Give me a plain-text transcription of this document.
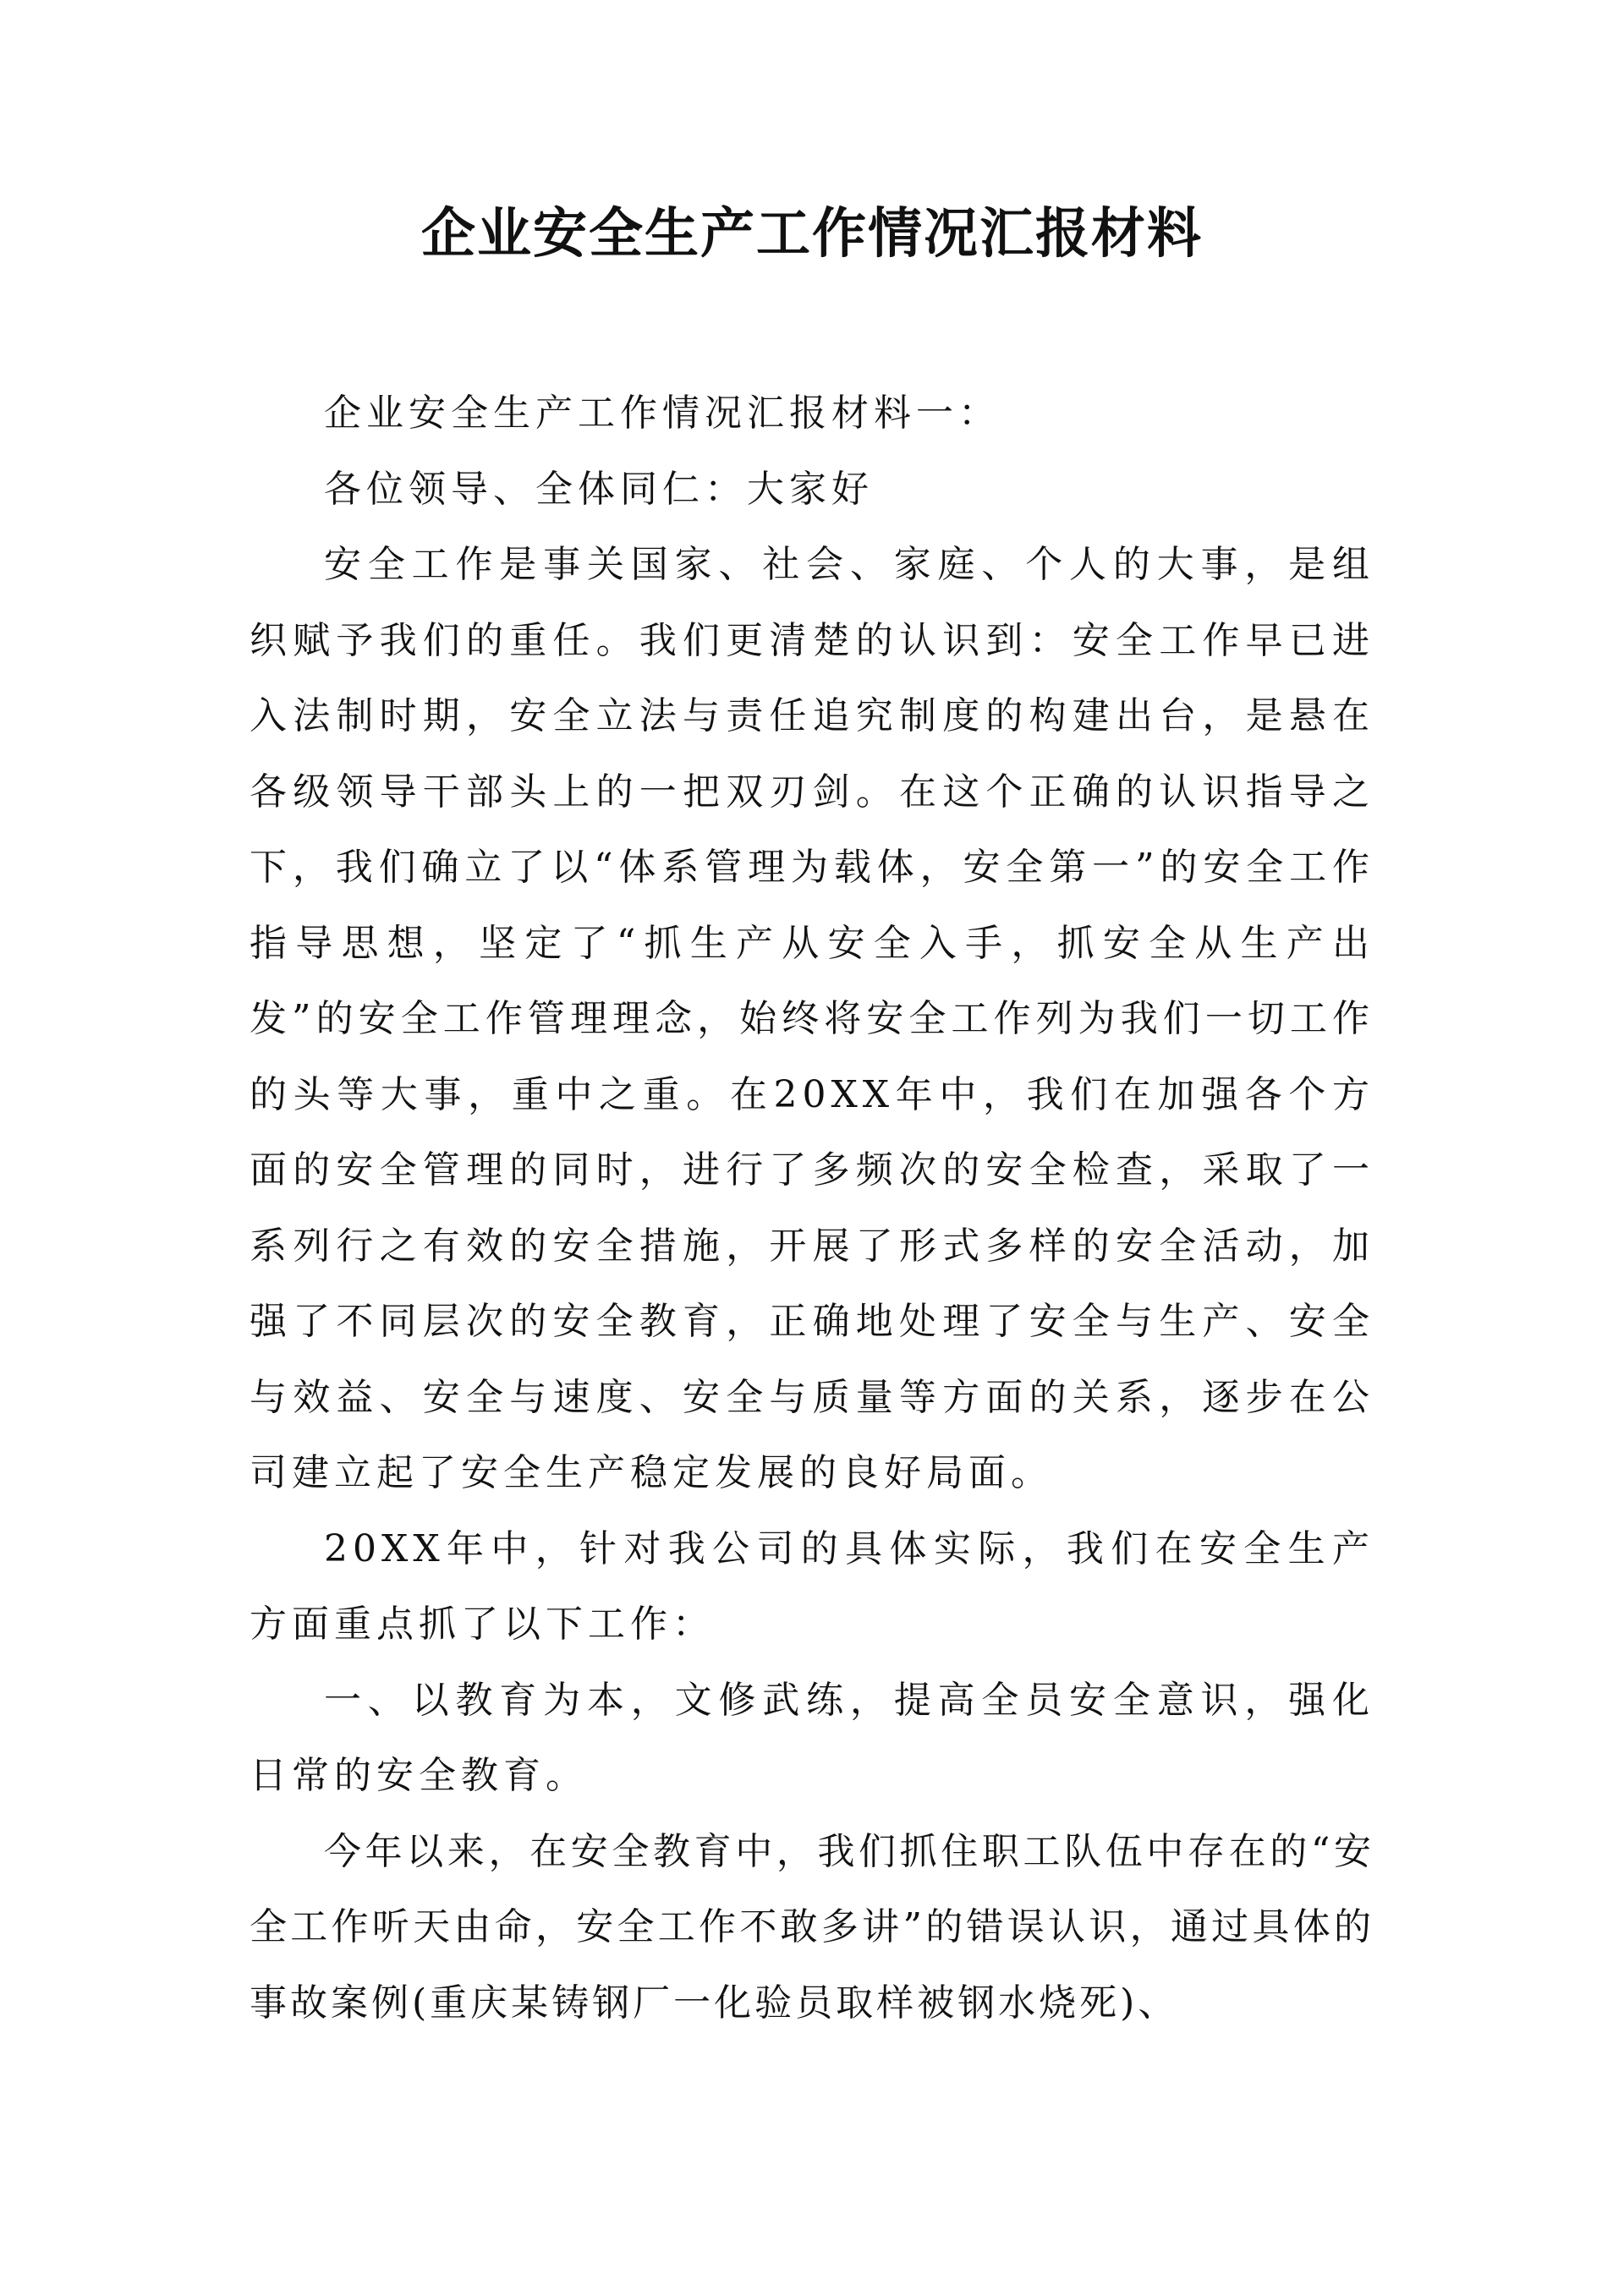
企业安全生产工作情况汇报材料

企业安全生产工作情况汇报材料一：

各位领导、全体同仁：大家好

安全工作是事关国家、社会、家庭、个人的大事，是组织赋予我们的重任。我们更清楚的认识到：安全工作早已进入法制时期，安全立法与责任追究制度的构建出台，是悬在各级领导干部头上的一把双刃剑。在这个正确的认识指导之下，我们确立了以“体系管理为载体，安全第一”的安全工作指导思想，坚定了“抓生产从安全入手，抓安全从生产出发”的安全工作管理理念，始终将安全工作列为我们一切工作的头等大事，重中之重。在20XX年中，我们在加强各个方面的安全管理的同时，进行了多频次的安全检查，采取了一系列行之有效的安全措施，开展了形式多样的安全活动，加强了不同层次的安全教育，正确地处理了安全与生产、安全与效益、安全与速度、安全与质量等方面的关系，逐步在公司建立起了安全生产稳定发展的良好局面。

20XX年中，针对我公司的具体实际，我们在安全生产方面重点抓了以下工作：

一、以教育为本，文修武练，提高全员安全意识，强化日常的安全教育。

今年以来，在安全教育中，我们抓住职工队伍中存在的“安全工作听天由命，安全工作不敢多讲”的错误认识，通过具体的事故案例(重庆某铸钢厂一化验员取样被钢水烧死)、
